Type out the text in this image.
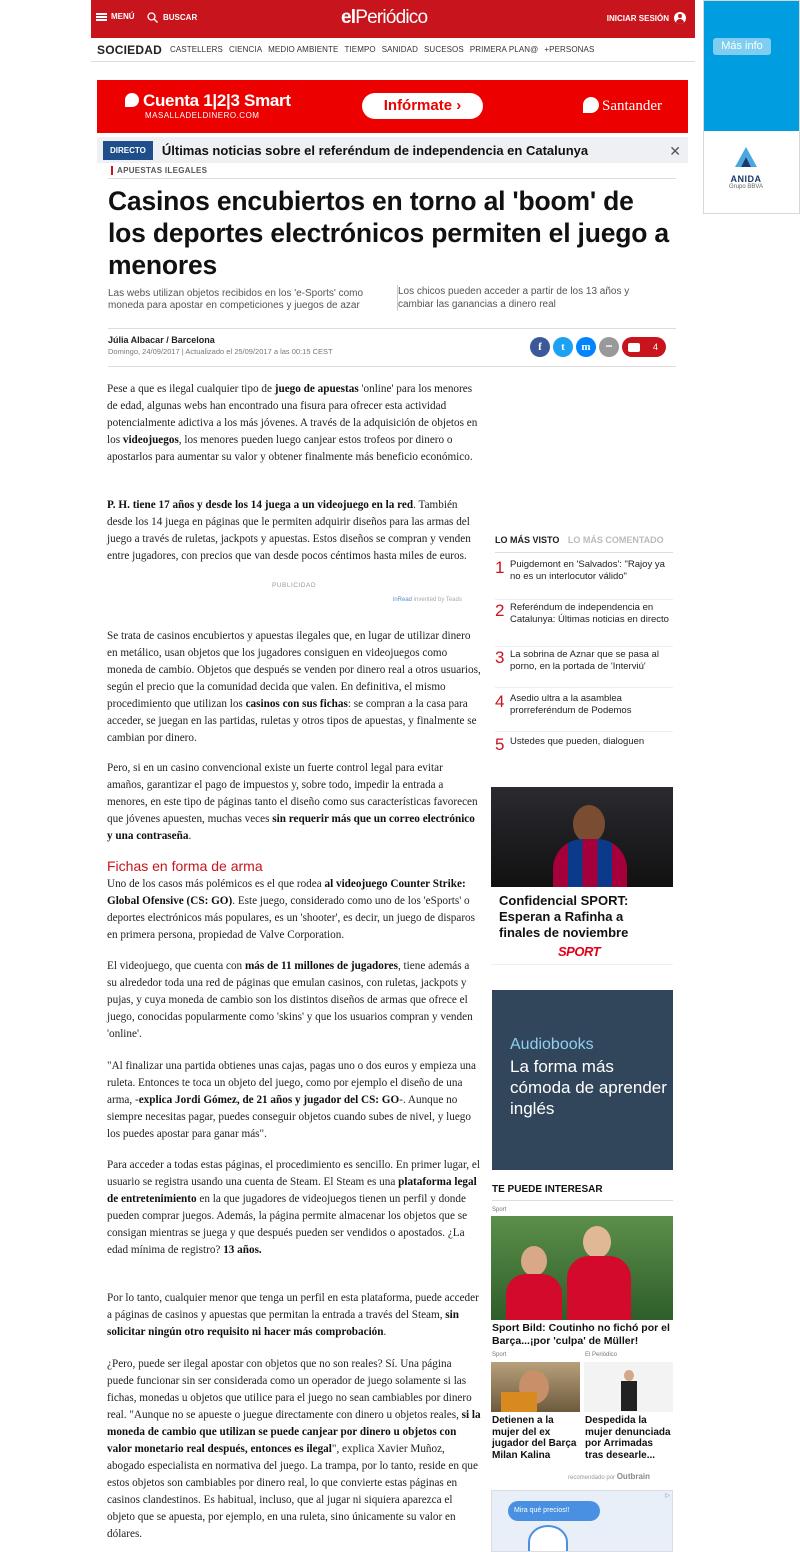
MENÚ	BUSCAR	elPeriódico	INICIAR SESIÓN
SOCIEDAD	CASTELLERS CIENCIA MEDIO AMBIENTE TIEMPO SANIDAD SUCESOS PRIMERA PLAN@ +PERSONAS	Más info
ANIDA
Grupo BBVA
Cuenta 1|2|3 Smart
MASALLADELDINERO.COM
Infórmate ›	Santander
DIRECTO	Últimas noticias sobre el referéndum de independencia en Catalunya	✕
APUESTAS ILEGALES
Casinos encubiertos en torno al 'boom' de los deportes electrónicos permiten el juego a menores
Las webs utilizan objetos recibidos en los 'e-Sports' como moneda para apostar en competiciones y juegos de azar
Los chicos pueden acceder a partir de los 13 años y cambiar las ganancias a dinero real
Júlia Albacar / Barcelona
Domingo, 24/09/2017 | Actualizado el 25/09/2017 a las 00:15 CEST	f	t	m	•••	4

Pese a que es ilegal cualquier tipo de juego de apuestas 'online' para los menores de edad, algunas webs han encontrado una fisura para ofrecer esta actividad potencialmente adictiva a los más jóvenes. A través de la adquisición de objetos en los videojuegos, los menores pueden luego canjear estos trofeos por dinero o apostarlos para aumentar su valor y obtener finalmente más beneficio económico.

P. H. tiene 17 años y desde los 14 juega a un videojuego en la red. También desde los 14 juega en páginas que le permiten adquirir diseños para las armas del juego a través de ruletas, jackpots y apuestas. Estos diseños se compran y venden entre jugadores, con precios que van desde pocos céntimos hasta miles de euros.

PUBLICIDAD
inRead invented by Teads

Se trata de casinos encubiertos y apuestas ilegales que, en lugar de utilizar dinero en metálico, usan objetos que los jugadores consiguen en videojuegos como moneda de cambio. Objetos que después se venden por dinero real a otros usuarios, según el precio que la comunidad decida que valen. En definitiva, el mismo procedimiento que utilizan los casinos con sus fichas: se compran a la casa para acceder, se juegan en las partidas, ruletas y otros tipos de apuestas, y finalmente se cambian por dinero.

Pero, si en un casino convencional existe un fuerte control legal para evitar amaños, garantizar el pago de impuestos y, sobre todo, impedir la entrada a menores, en este tipo de páginas tanto el diseño como sus características favorecen que jóvenes apuesten, muchas veces sin requerir más que un correo electrónico y una contraseña.

Fichas en forma de arma

Uno de los casos más polémicos es el que rodea al videojuego Counter Strike: Global Ofensive (CS: GO). Este juego, considerado como uno de los 'eSports' o deportes electrónicos más populares, es un 'shooter', es decir, un juego de disparos en primera persona, propiedad de Valve Corporation.

El videojuego, que cuenta con más de 11 millones de jugadores, tiene además a su alrededor toda una red de páginas que emulan casinos, con ruletas, jackpots y pujas, y cuya moneda de cambio son los distintos diseños de armas que ofrece el juego, conocidas popularmente como 'skins' y que los usuarios compran y venden 'online'.

"Al finalizar una partida obtienes unas cajas, pagas uno o dos euros y empieza una ruleta. Entonces te toca un objeto del juego, como por ejemplo el diseño de una arma, -explica Jordi Gómez, de 21 años y jugador del CS: GO-. Aunque no siempre necesitas pagar, puedes conseguir objetos cuando subes de nivel, y luego los puedes apostar para ganar más".

Para acceder a todas estas páginas, el procedimiento es sencillo. En primer lugar, el usuario se registra usando una cuenta de Steam. El Steam es una plataforma legal de entretenimiento en la que jugadores de videojuegos tienen un perfil y donde pueden comprar juegos. Además, la página permite almacenar los objetos que se consigan mientras se juega y que después pueden ser vendidos o apostados. ¿La edad mínima de registro? 13 años.

Por lo tanto, cualquier menor que tenga un perfil en esta plataforma, puede acceder a páginas de casinos y apuestas que permitan la entrada a través del Steam, sin solicitar ningún otro requisito ni hacer más comprobación.

¿Pero, puede ser ilegal apostar con objetos que no son reales? Sí. Una página puede funcionar sin ser considerada como un operador de juego solamente si las fichas, monedas u objetos que utilice para el juego no sean cambiables por dinero real. "Aunque no se apueste o juegue directamente con dinero u objetos reales, si la moneda de cambio que utilizan se puede canjear por dinero u objetos con valor monetario real después, entonces es ilegal", explica Xavier Muñoz, abogado especialista en normativa del juego. La trampa, por lo tanto, reside en que estos objetos son cambiables por dinero real, lo que convierte estas páginas en casinos clandestinos. Es habitual, incluso, que al jugar ni siquiera aparezca el objeto que se apuesta, por ejemplo, en una ruleta, sino únicamente su valor en dólares.

LO MÁS VISTO LO MÁS COMENTADO
1 Puigdemont en 'Salvados': "Rajoy ya no es un interlocutor válido"
2 Referéndum de independencia en Catalunya: Últimas noticias en directo
3 La sobrina de Aznar que se pasa al porno, en la portada de 'Interviú'
4 Asedio ultra a la asamblea prorreferéndum de Podemos
5 Ustedes que pueden, dialoguen
Confidencial SPORT: Esperan a Rafinha a finales de noviembre
SPORT
Audiobooks
La forma más cómoda de aprender inglés
TE PUEDE INTERESAR
Sport
Sport Bild: Coutinho no fichó por el Barça...¡por 'culpa' de Müller!
Sport
Detienen a la mujer del ex jugador del Barça Milan Kalina
El Periódico
Despedida la mujer denunciada por Arrimadas tras desearle...
recomendado por Outbrain
Mira qué precios!!
▷
